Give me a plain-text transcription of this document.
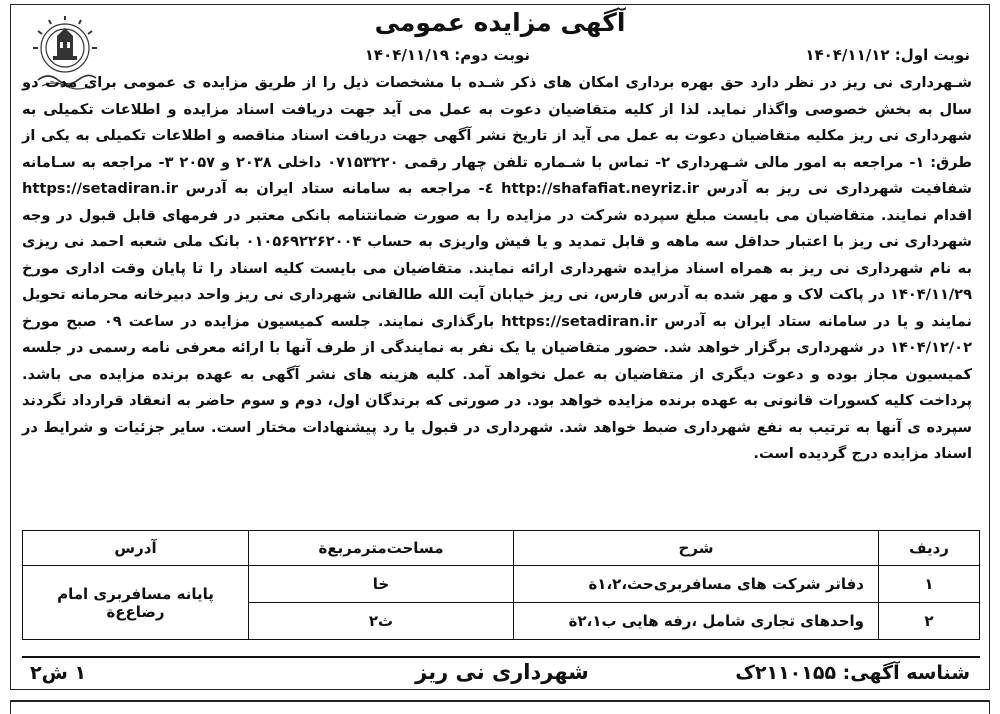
آگهی مزایده عمومی
نوبت اول: ۱۴۰۴/۱۱/۱۲
نوبت دوم: ۱۴۰۴/۱۱/۱۹

شـهرداری نی ریز در نظر دارد حق بهره برداری امکان های ذکر شـده با مشخصات ذیل را از طریق مزایده ی عمومی برای مدت دو سال به بخش خصوصی واگذار نماید. لذا از کلیه متقاضیان دعوت به عمل می آید جهت دریافت اسناد مزایده و اطلاعات تکمیلی به شهرداری نی ریز مکلیه متقاضیان دعوت به عمل می آید از تاریخ نشر آگهی جهت دریافت اسناد مناقصه و اطلاعات تکمیلی به یکی از طرق: ۱- مراجعه به امور مالی شـهرداری ۲- تماس با شـماره تلفن چهار رقمی ۰۷۱۵۳۲۲۰ داخلی ۲۰۳۸ و ۲۰۵۷ ۳- مراجعه به سـامانه شفافیت شهرداری نی ریز به آدرس http://shafafiat.neyriz.ir ٤- مراجعه به سامانه ستاد ایران به آدرس https://setadiran.ir اقدام نمایند. متقاضیان می بایست مبلغ سپرده شرکت در مزایده را به صورت ضمانتنامه بانکی معتبر در فرمهای قابل قبول در وجه شهرداری نی ریز با اعتبار حداقل سه ماهه و قابل تمدید و یا فیش واریزی به حساب ۰۱۰۵۶۹۲۲۶۲۰۰۴ بانک ملی شعبه احمد نی ریزی به نام شهرداری نی ریز به همراه اسناد مزایده شهرداری ارائه نمایند. متقاضیان می بایست کلیه اسناد را تا پایان وقت اداری مورخ ۱۴۰۴/۱۱/۲۹ در پاکت لاک و مهر شده به آدرس فارس، نی ریز خیابان آیت الله طالقانی شهرداری نی ریز واحد دبیرخانه محرمانه تحویل نمایند و یا در سامانه ستاد ایران به آدرس https://setadiran.ir بارگذاری نمایند. جلسه کمیسیون مزایده در ساعت ۰۹ صبح مورخ ۱۴۰۴/۱۲/۰۲ در شهرداری برگزار خواهد شد. حضور متقاضیان یا یک نفر به نمایندگی از طرف آنها با ارائه معرفی نامه رسمی در جلسه کمیسیون مجاز بوده و دعوت دیگری از متقاضیان به عمل نخواهد آمد. کلیه هزینه های نشر آگهی به عهده برنده مزایده می باشد. پرداخت کلیه کسورات قانونی به عهده برنده مزایده خواهد بود. در صورتی که برندگان اول، دوم و سوم حاضر به انعقاد قرارداد نگردند سپرده ی آنها به ترتیب به نفع شهرداری ضبط خواهد شد. شهرداری در قبول یا رد پیشنهادات مختار است. سایر جزئیات و شرایط در اسناد مزایده درج گردیده است.

ردیف	شرح	مساحت‌مترمربع‌ة	آدرس
۱	دفاتر شرکت های مسافربری‌حث،۱،۲ة	خا	پایانه مسافربری امام رضاع‌ع‌ة
۲	واحدهای تجاری شامل ،رفه هایی ب۲،۱ة	ث۲	
شناسه آگهی: ۲۱۱۰۱۵۵ک
شهرداری نی ریز
۱ ش۲
